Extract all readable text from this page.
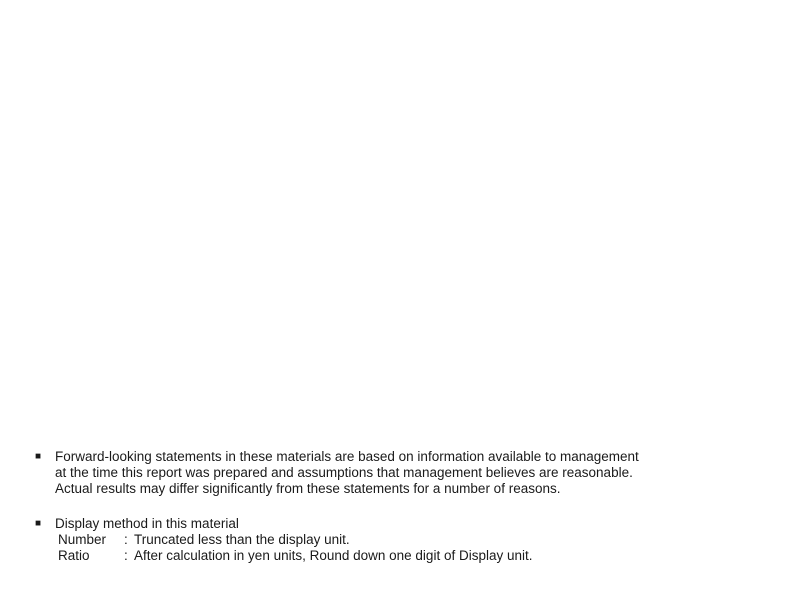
■	Forward-looking statements in these materials are based on information available to management
at the time this report was prepared and assumptions that management believes are reasonable.
Actual results may differ significantly from these statements for a number of reasons.
■	Display method in this material
Number	: Truncated less than the display unit.
Ratio	: After calculation in yen units, Round down one digit of Display unit.
